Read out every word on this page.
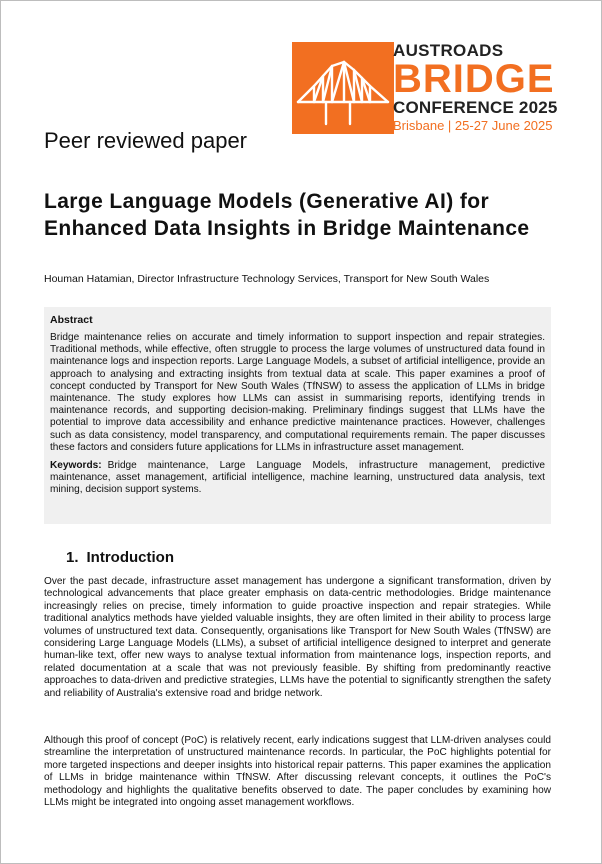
AUSTROADS
BRIDGE
CONFERENCE 2025
Brisbane | 25-27 June 2025
Peer reviewed paper
Large Language Models (Generative AI) for Enhanced Data Insights in Bridge Maintenance
Houman Hatamian, Director Infrastructure Technology Services, Transport for New South Wales
Abstract

Bridge maintenance relies on accurate and timely information to support inspection and repair strategies. Traditional methods, while effective, often struggle to process the large volumes of unstructured data found in maintenance logs and inspection reports. Large Language Models, a subset of artificial intelligence, provide an approach to analysing and extracting insights from textual data at scale. This paper examines a proof of concept conducted by Transport for New South Wales (TfNSW) to assess the application of LLMs in bridge maintenance. The study explores how LLMs can assist in summarising reports, identifying trends in maintenance records, and supporting decision-making. Preliminary findings suggest that LLMs have the potential to improve data accessibility and enhance predictive maintenance practices. However, challenges such as data consistency, model transparency, and computational requirements remain. The paper discusses these factors and considers future applications for LLMs in infrastructure asset management.

Keywords: Bridge maintenance, Large Language Models, infrastructure management, predictive maintenance, asset management, artificial intelligence, machine learning, unstructured data analysis, text mining, decision support systems.

1. Introduction

Over the past decade, infrastructure asset management has undergone a significant transformation, driven by technological advancements that place greater emphasis on data-centric methodologies. Bridge maintenance increasingly relies on precise, timely information to guide proactive inspection and repair strategies. While traditional analytics methods have yielded valuable insights, they are often limited in their ability to process large volumes of unstructured text data. Consequently, organisations like Transport for New South Wales (TfNSW) are considering Large Language Models (LLMs), a subset of artificial intelligence designed to interpret and generate human-like text, offer new ways to analyse textual information from maintenance logs, inspection reports, and related documentation at a scale that was not previously feasible. By shifting from predominantly reactive approaches to data-driven and predictive strategies, LLMs have the potential to significantly strengthen the safety and reliability of Australia's extensive road and bridge network.

Although this proof of concept (PoC) is relatively recent, early indications suggest that LLM-driven analyses could streamline the interpretation of unstructured maintenance records. In particular, the PoC highlights potential for more targeted inspections and deeper insights into historical repair patterns. This paper examines the application of LLMs in bridge maintenance within TfNSW. After discussing relevant concepts, it outlines the PoC's methodology and highlights the qualitative benefits observed to date. The paper concludes by examining how LLMs might be integrated into ongoing asset management workflows.
